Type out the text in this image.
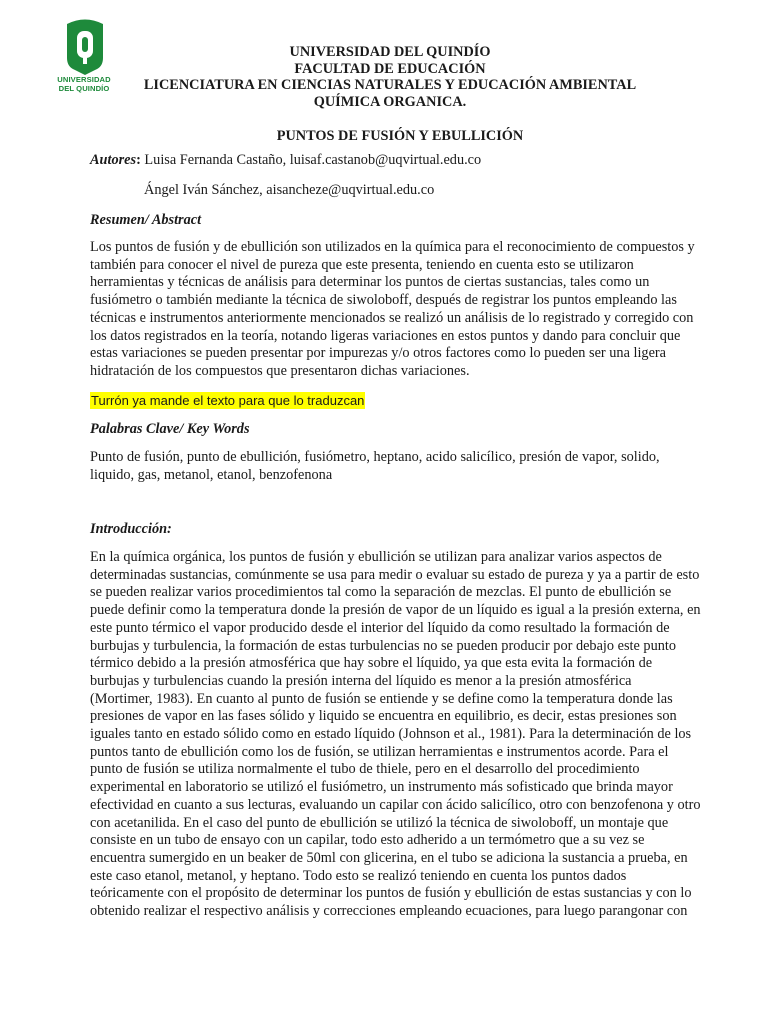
UNIVERSIDAD
DEL QUINDÍO
UNIVERSIDAD DEL QUINDÍO
FACULTAD DE EDUCACIÓN
LICENCIATURA EN CIENCIAS NATURALES Y EDUCACIÓN AMBIENTAL
QUÍMICA ORGANICA.
PUNTOS DE FUSIÓN Y EBULLICIÓN
Autores: Luisa Fernanda Castaño, luisaf.castanob@uqvirtual.edu.co
Ángel Iván Sánchez, aisancheze@uqvirtual.edu.co
Resumen/ Abstract
Los puntos de fusión y de ebullición son utilizados en la química para el reconocimiento de compuestos y
también para conocer el nivel de pureza que este presenta, teniendo en cuenta esto se utilizaron
herramientas y técnicas de análisis para determinar los puntos de ciertas sustancias, tales como un
fusiómetro o también mediante la técnica de siwoloboff, después de registrar los puntos empleando las
técnicas e instrumentos anteriormente mencionados se realizó un análisis de lo registrado y corregido con
los datos registrados en la teoría, notando ligeras variaciones en estos puntos y dando para concluir que
estas variaciones se pueden presentar por impurezas y/o otros factores como lo pueden ser una ligera
hidratación de los compuestos que presentaron dichas variaciones.
Turrón ya mande el texto para que lo traduzcan
Palabras Clave/ Key Words
Punto de fusión, punto de ebullición, fusiómetro, heptano, acido salicílico, presión de vapor, solido,
liquido, gas, metanol, etanol, benzofenona
Introducción:
En la química orgánica, los puntos de fusión y ebullición se utilizan para analizar varios aspectos de
determinadas sustancias, comúnmente se usa para medir o evaluar su estado de pureza y ya a partir de esto
se pueden realizar varios procedimientos tal como la separación de mezclas. El punto de ebullición se
puede definir como la temperatura donde la presión de vapor de un líquido es igual a la presión externa, en
este punto térmico el vapor producido desde el interior del líquido da como resultado la formación de
burbujas y turbulencia, la formación de estas turbulencias no se pueden producir por debajo este punto
térmico debido a la presión atmosférica que hay sobre el líquido, ya que esta evita la formación de
burbujas y turbulencias cuando la presión interna del líquido es menor a la presión atmosférica
(Mortimer, 1983). En cuanto al punto de fusión se entiende y se define como la temperatura donde las
presiones de vapor en las fases sólido y liquido se encuentra en equilibrio, es decir, estas presiones son
iguales tanto en estado sólido como en estado líquido (Johnson et al., 1981). Para la determinación de los
puntos tanto de ebullición como los de fusión, se utilizan herramientas e instrumentos acorde. Para el
punto de fusión se utiliza normalmente el tubo de thiele, pero en el desarrollo del procedimiento
experimental en laboratorio se utilizó el fusiómetro, un instrumento más sofisticado que brinda mayor
efectividad en cuanto a sus lecturas, evaluando un capilar con ácido salicílico, otro con benzofenona y otro
con acetanilida. En el caso del punto de ebullición se utilizó la técnica de siwoloboff, un montaje que
consiste en un tubo de ensayo con un capilar, todo esto adherido a un termómetro que a su vez se
encuentra sumergido en un beaker de 50ml con glicerina, en el tubo se adiciona la sustancia a prueba, en
este caso etanol, metanol, y heptano. Todo esto se realizó teniendo en cuenta los puntos dados
teóricamente con el propósito de determinar los puntos de fusión y ebullición de estas sustancias y con lo
obtenido realizar el respectivo análisis y correcciones empleando ecuaciones, para luego parangonar con
